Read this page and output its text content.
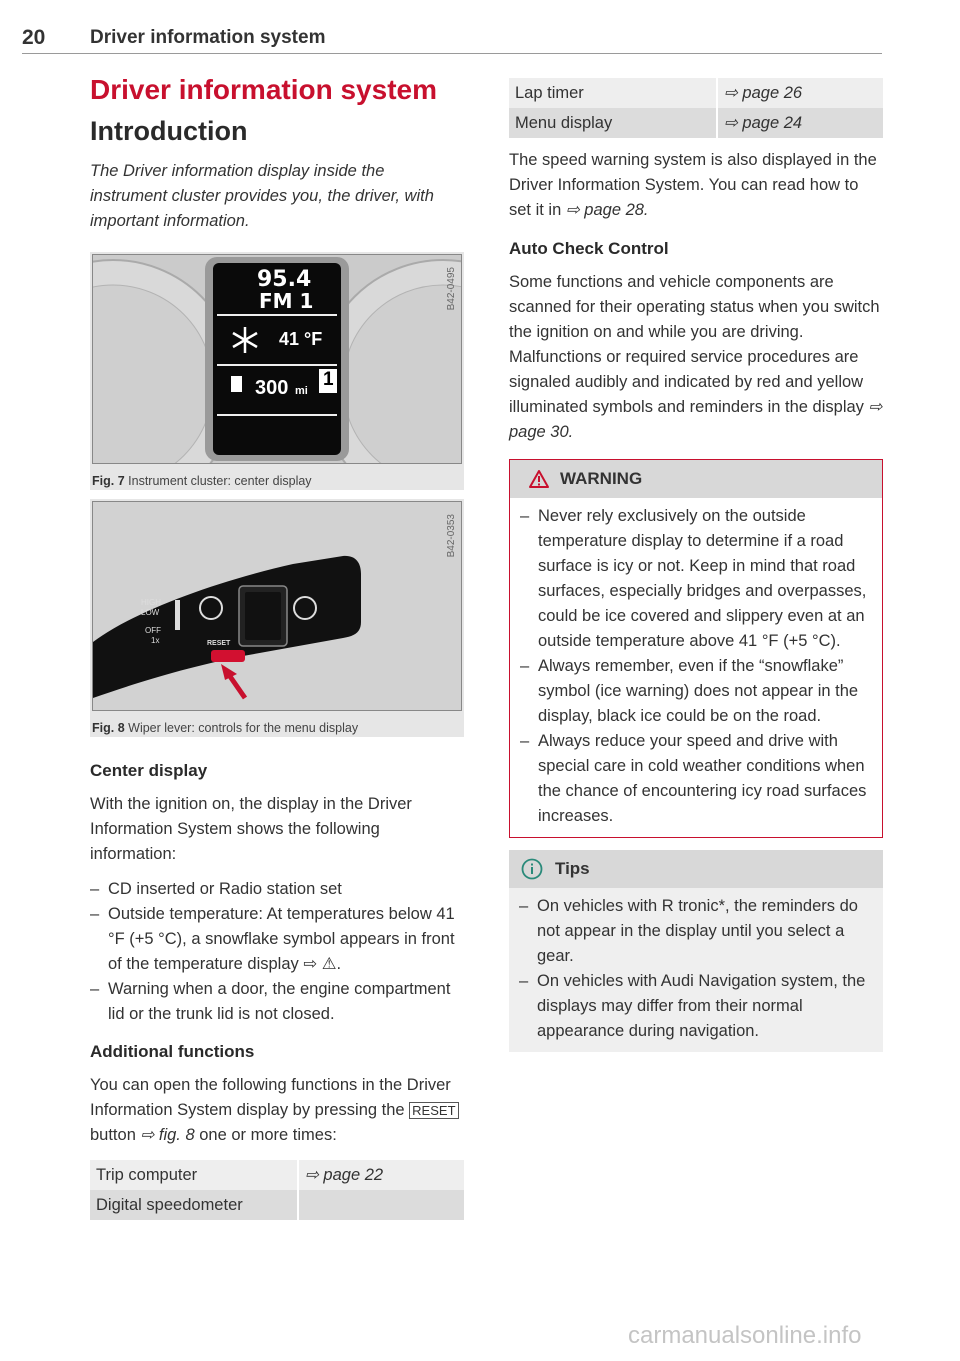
20 Driver information system
Driver information system
Introduction

The Driver information display inside the instrument cluster provides you, the driver, with important information.

95.4
FM 1
41 °F
300 mi
1
B42-0495
Fig. 7 Instrument cluster: center display
HIGH
LOW
OFF
1x	RESET
B42-0353
Fig. 8 Wiper lever: controls for the menu display
Center display

With the ignition on, the display in the Driver Information System shows the following information:

– CD inserted or Radio station set
– Outside temperature: At temperatures below 41 °F (+5 °C), a snowflake symbol appears in front of the temperature display ⇨ ⚠.
– Warning when a door, the engine compartment lid or the trunk lid is not closed.
Additional functions

You can open the following functions in the Driver Information System display by pressing the RESET button ⇨ fig. 8 one or more times:

Trip computer	⇨ page 22
Digital speedometer	
Lap timer	⇨ page 26
Menu display	⇨ page 24

The speed warning system is also displayed in the Driver Information System. You can read how to set it in ⇨ page 28.

Auto Check Control

Some functions and vehicle components are scanned for their operating status when you switch the ignition on and while you are driving. Malfunctions or required service procedures are signaled audibly and indicated by red and yellow illuminated symbols and reminders in the display ⇨ page 30.

WARNING
– Never rely exclusively on the outside temperature display to determine if a road surface is icy or not. Keep in mind that road surfaces, especially bridges and overpasses, could be ice covered and slippery even at an outside temperature above 41 °F (+5 °C).
– Always remember, even if the “snowflake” symbol (ice warning) does not appear in the display, black ice could be on the road.
– Always reduce your speed and drive with special care in cold weather conditions when the chance of encountering icy road surfaces increases.
Tips
– On vehicles with R tronic*, the reminders do not appear in the display until you select a gear.
– On vehicles with Audi Navigation system, the displays may differ from their normal appearance during navigation.
carmanualsonline.info
